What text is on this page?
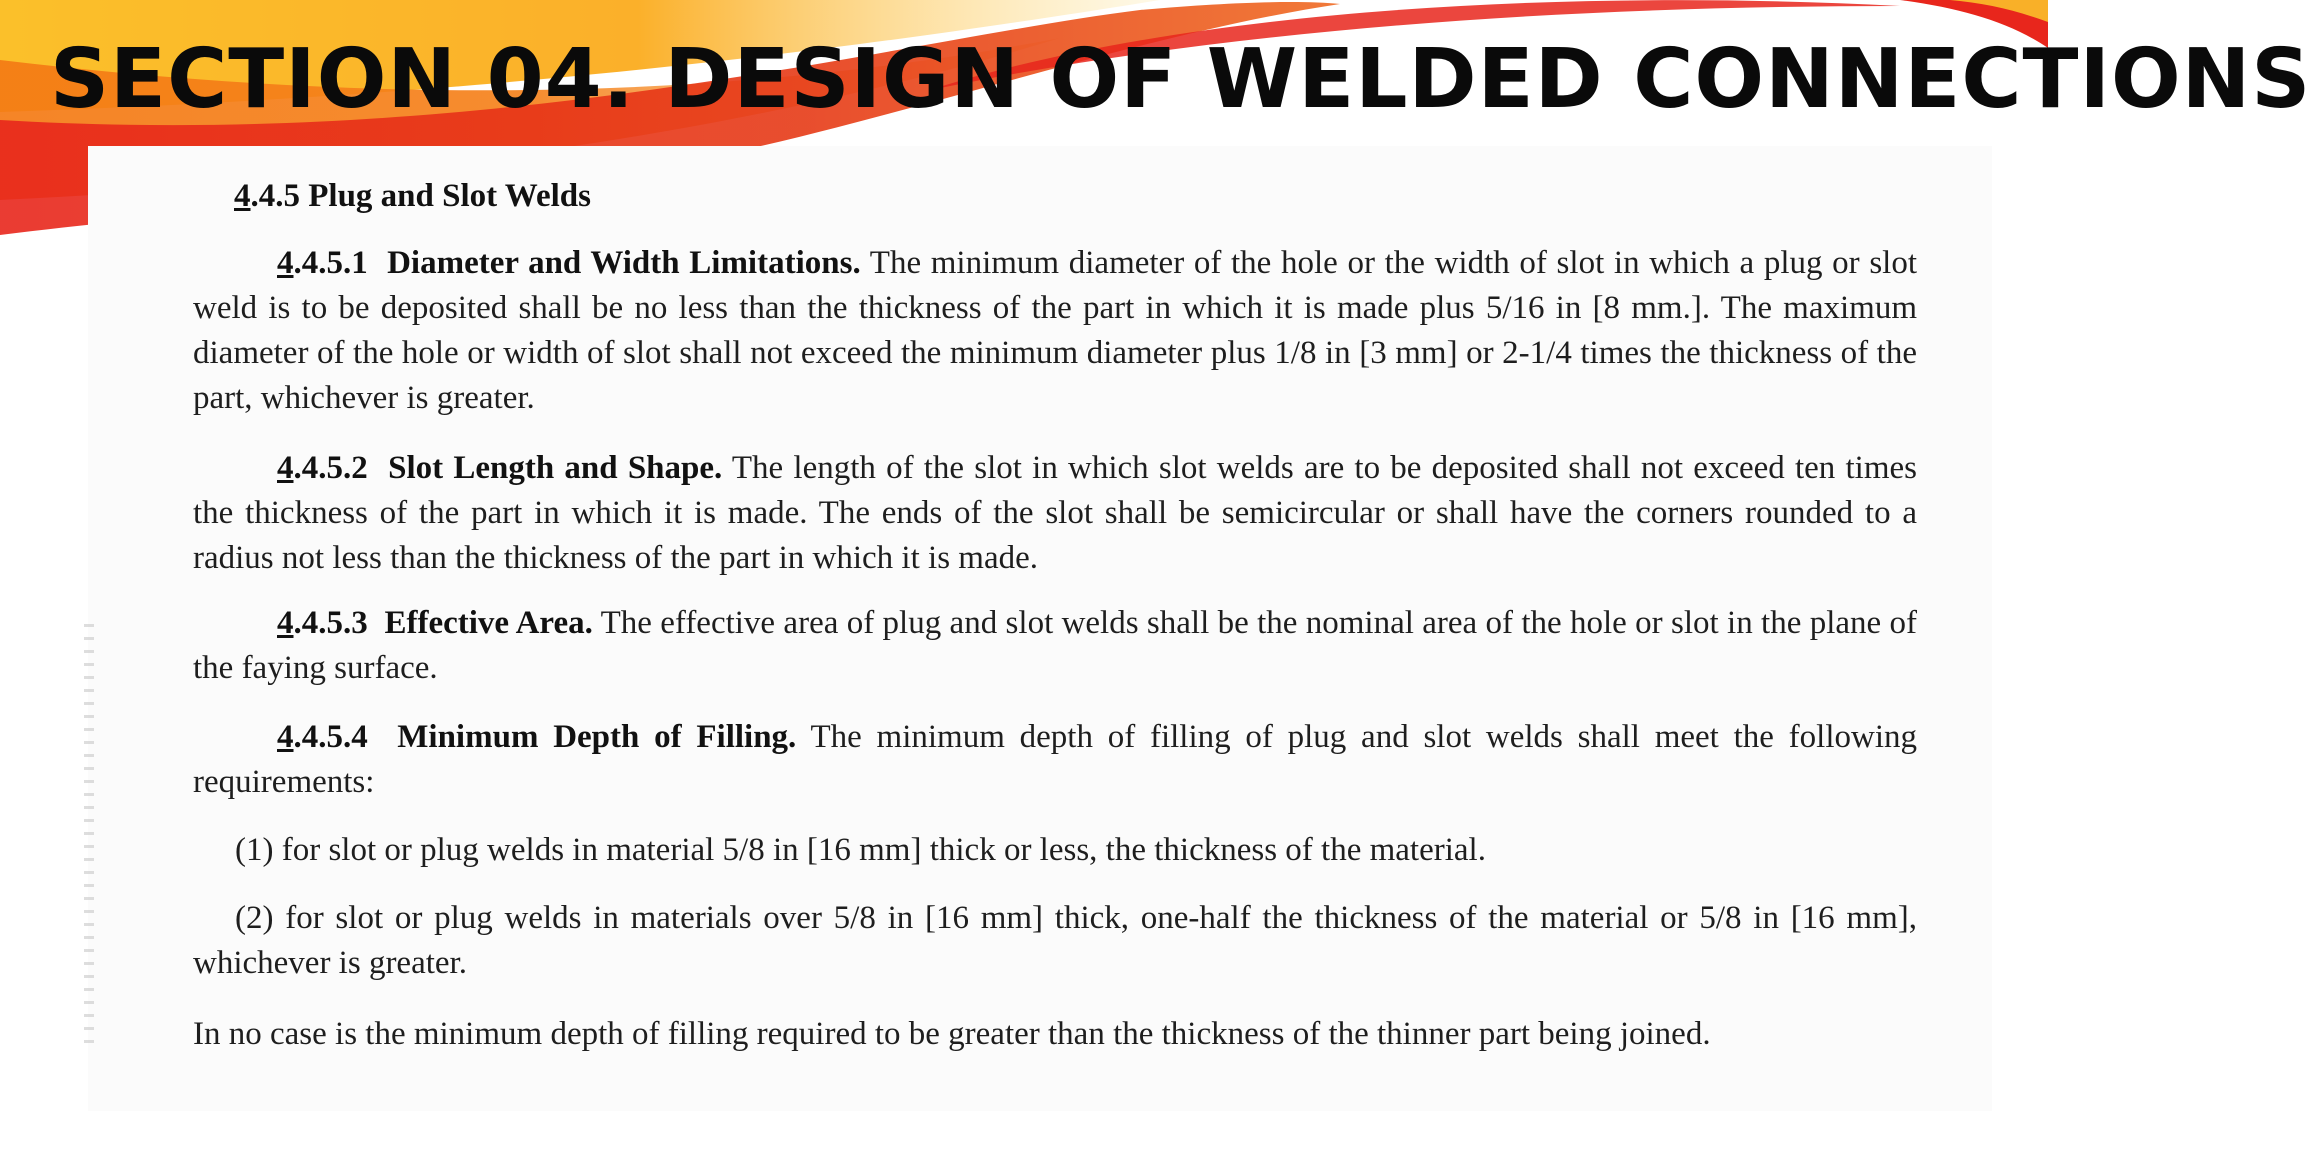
SECTION 04. DESIGN OF WELDED CONNECTIONS

4.4.5 Plug and Slot Welds

4.4.5.1 Diameter and Width Limitations. The minimum diameter of the hole or the width of slot in which a plug or slot weld is to be deposited shall be no less than the thickness of the part in which it is made plus 5/16 in [8 mm.]. The maximum diameter of the hole or width of slot shall not exceed the minimum diameter plus 1/8 in [3 mm] or 2-1/4 times the thickness of the part, whichever is greater.

4.4.5.2 Slot Length and Shape. The length of the slot in which slot welds are to be deposited shall not exceed ten times the thickness of the part in which it is made. The ends of the slot shall be semicircular or shall have the corners rounded to a radius not less than the thickness of the part in which it is made.

4.4.5.3 Effective Area. The effective area of plug and slot welds shall be the nominal area of the hole or slot in the plane of the faying surface.

4.4.5.4 Minimum Depth of Filling. The minimum depth of filling of plug and slot welds shall meet the following requirements:

(1) for slot or plug welds in material 5/8 in [16 mm] thick or less, the thickness of the material.

(2) for slot or plug welds in materials over 5/8 in [16 mm] thick, one-half the thickness of the material or 5/8 in [16 mm], whichever is greater.

In no case is the minimum depth of filling required to be greater than the thickness of the thinner part being joined.
